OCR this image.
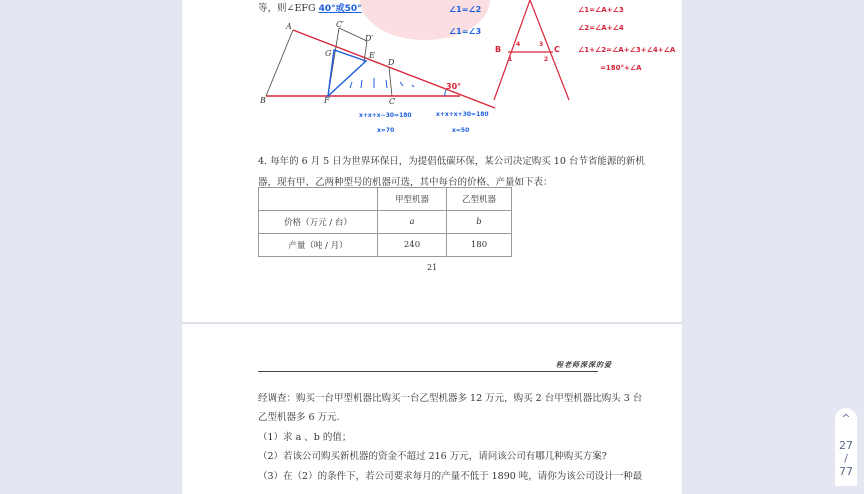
等，则∠EFG 40°或50°
A
B	C
C′
D
D′
E
F
G
30°
x+x+x−30=180
x=70
x+x+x+30=180
x=50
∠1=∠2
∠1=∠3
B	C
1	2
3
4
∠1=∠A+∠3
∠2=∠A+∠4
∠1+∠2=∠A+∠3+∠4+∠A
=180°+∠A
4. 每年的 6 月 5 日为世界环保日，为提倡低碳环保，某公司决定购买 10 台节省能源的新机
器，现有甲、乙两种型号的机器可选，其中每台的价格、产量如下表：
	甲型机器	乙型机器
价格（万元 / 台）	a	b
产量（吨 / 月）	240	180
21
程老师深深的爱
经调查：购买一台甲型机器比购买一台乙型机器多 12 万元，购买 2 台甲型机器比购头 3 台
乙型机器多 6 万元.
（1）求 a 、b 的值；
（2）若该公司购买新机器的资金不超过 216 万元，请问该公司有哪几种购买方案?
（3）在（2）的条件下，若公司要求每月的产量不低于 1890 吨，请你为该公司设计一种最
^
27
/
77
